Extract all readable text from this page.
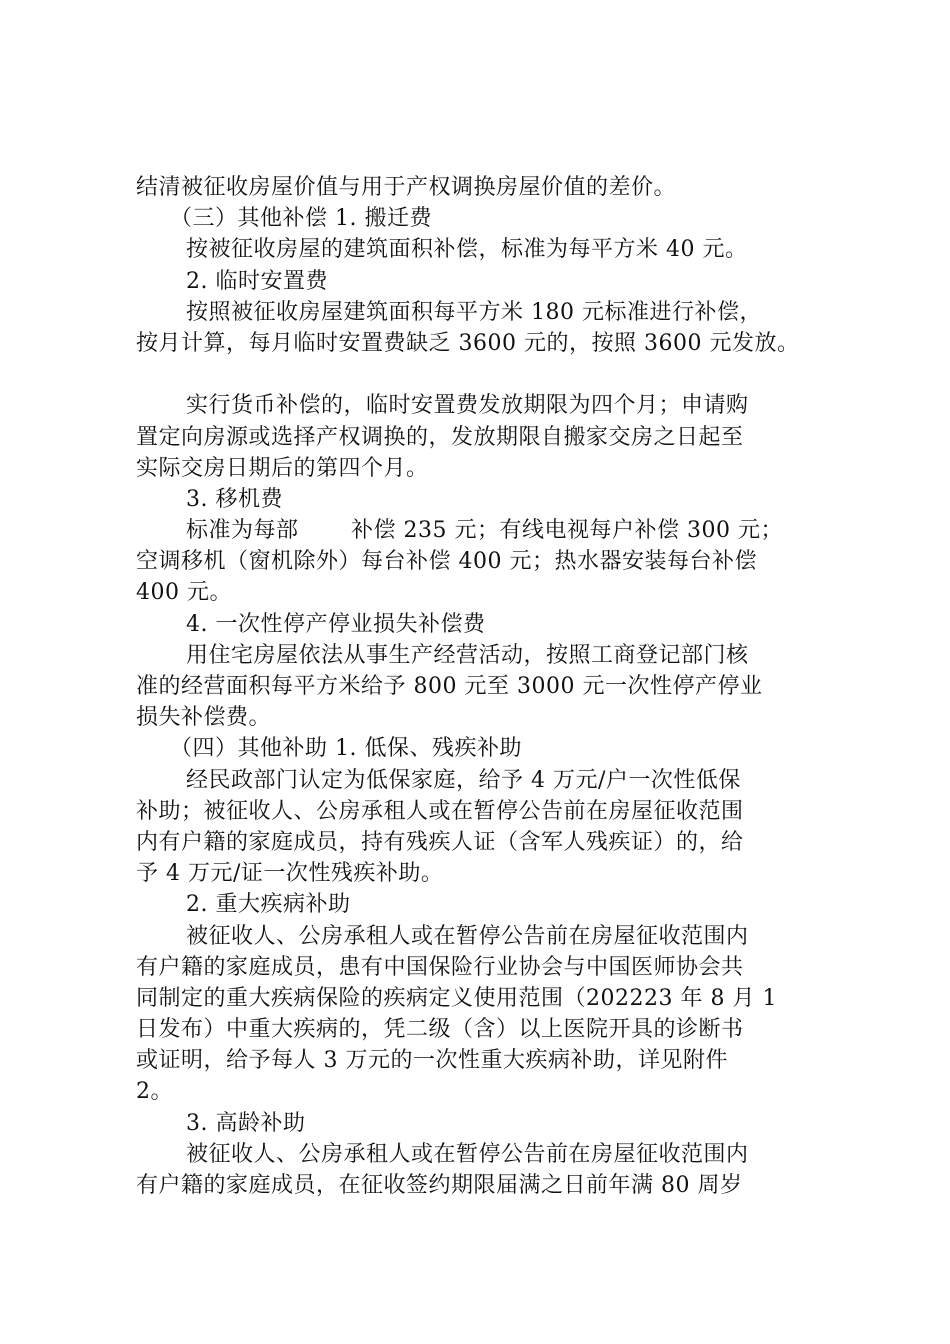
结清被征收房屋价值与用于产权调换房屋价值的差价。
（三）其他补偿 1. 搬迁费
按被征收房屋的建筑面积补偿，标准为每平方米 40 元。
2. 临时安置费
按照被征收房屋建筑面积每平方米 180 元标准进行补偿，
按月计算，每月临时安置费缺乏 3600 元的，按照 3600 元发放。
实行货币补偿的，临时安置费发放期限为四个月；申请购
置定向房源或选择产权调换的，发放期限自搬家交房之日起至
实际交房日期后的第四个月。
3. 移机费
标准为每部 　　补偿 235 元；有线电视每户补偿 300 元；
空调移机（窗机除外）每台补偿 400 元；热水器安装每台补偿
400 元。
4. 一次性停产停业损失补偿费
用住宅房屋依法从事生产经营活动，按照工商登记部门核
准的经营面积每平方米给予 800 元至 3000 元一次性停产停业
损失补偿费。
（四）其他补助 1. 低保、残疾补助
经民政部门认定为低保家庭，给予 4 万元/户一次性低保
补助；被征收人、公房承租人或在暂停公告前在房屋征收范围
内有户籍的家庭成员，持有残疾人证（含军人残疾证）的，给
予 4 万元/证一次性残疾补助。
2. 重大疾病补助
被征收人、公房承租人或在暂停公告前在房屋征收范围内
有户籍的家庭成员，患有中国保险行业协会与中国医师协会共
同制定的重大疾病保险的疾病定义使用范围（202223 年 8 月 1
日发布）中重大疾病的，凭二级（含）以上医院开具的诊断书
或证明，给予每人 3 万元的一次性重大疾病补助，详见附件
2。
3. 高龄补助
被征收人、公房承租人或在暂停公告前在房屋征收范围内
有户籍的家庭成员，在征收签约期限届满之日前年满 80 周岁
